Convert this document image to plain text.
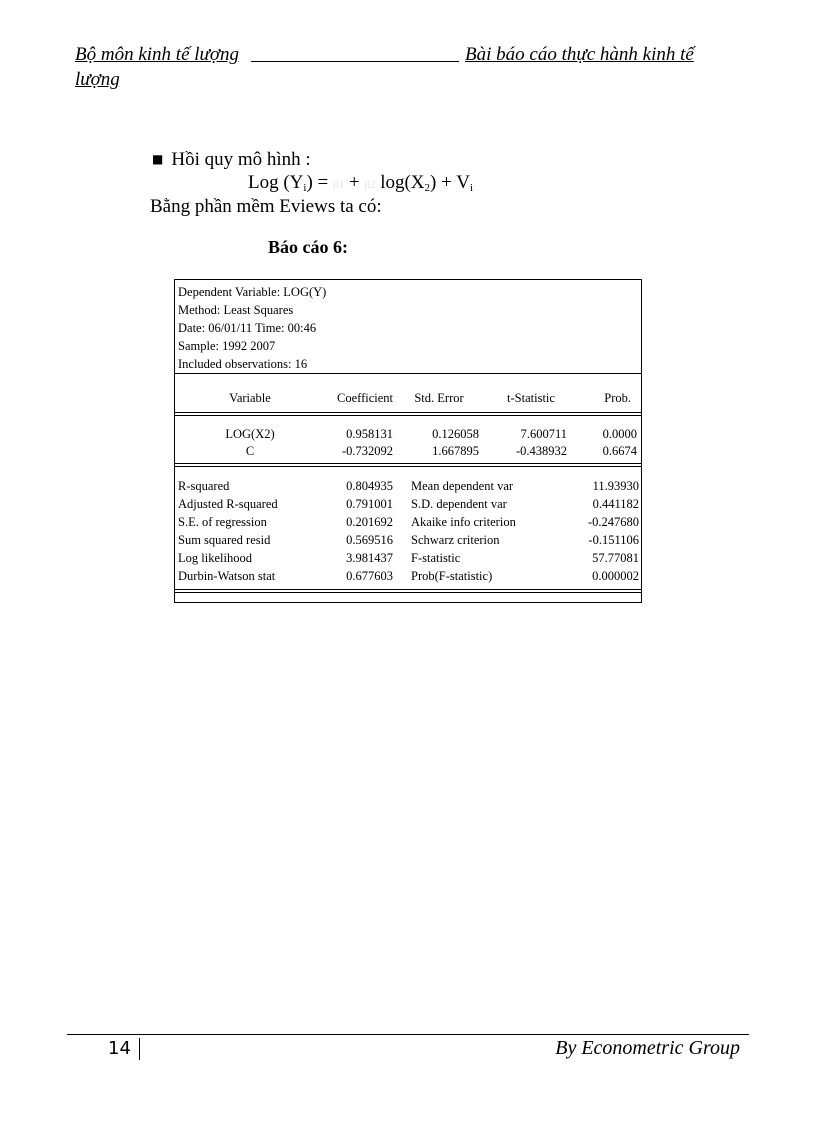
Bộ môn kinh tế lượng	Bài báo cáo thực hành kinh tế
lượng
■ Hồi quy mô hình :
Log $(Y_i) = \beta 1 + \beta 2$ $\log(X_2) + V_i$
Bằng phần mềm Eviews ta có:
Báo cáo 6:
Dependent Variable: LOG(Y)
Method: Least Squares
Date: 06/01/11 Time: 00:46
Sample: 1992 2007
Included observations: 16
Variable	Coefficient	Std. Error	t-Statistic	Prob.
LOG(X2)	0.958131	0.126058	7.600711	0.0000
C	-0.732092	1.667895	-0.438932	0.6674
R-squared	0.804935 Mean dependent var	11.93930
Adjusted R-squared	0.791001 S.D. dependent var	0.441182
S.E. of regression	0.201692 Akaike info criterion	-0.247680
Sum squared resid	0.569516 Schwarz criterion	-0.151106
Log likelihood	3.981437 F-statistic	57.77081
Durbin-Watson stat	0.677603 Prob(F-statistic)	0.000002
14	By Econometric Group
